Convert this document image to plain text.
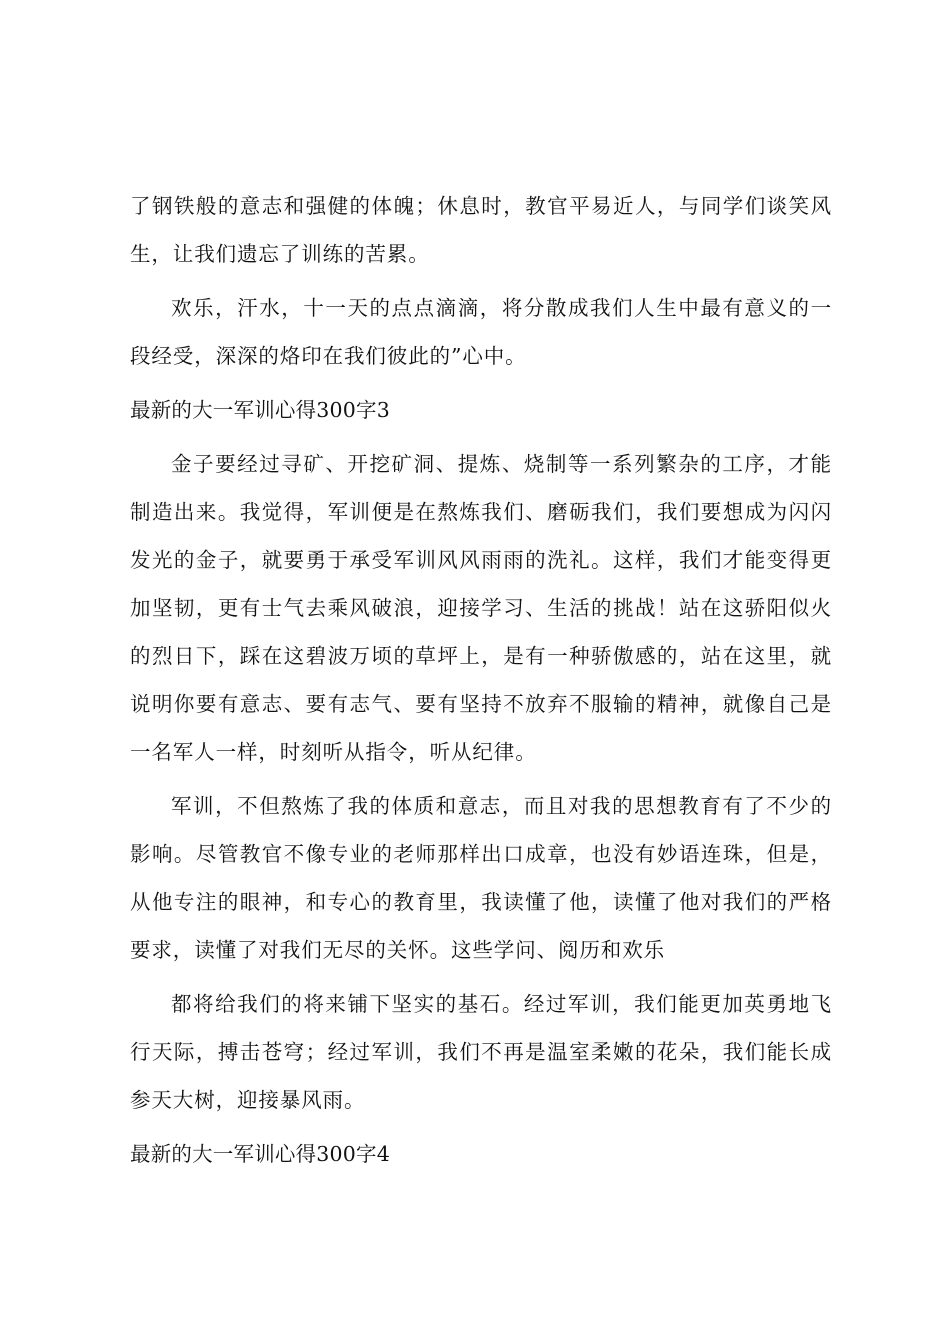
了钢铁般的意志和强健的体魄；休息时，教官平易近人，与同学们谈笑风生，让我们遗忘了训练的苦累。

欢乐，汗水，十一天的点点滴滴，将分散成我们人生中最有意义的一段经受，深深的烙印在我们彼此的”心中。

最新的大一军训心得300字3

金子要经过寻矿、开挖矿洞、提炼、烧制等一系列繁杂的工序，才能制造出来。我觉得，军训便是在熬炼我们、磨砺我们，我们要想成为闪闪发光的金子，就要勇于承受军训风风雨雨的洗礼。这样，我们才能变得更加坚韧，更有士气去乘风破浪，迎接学习、生活的挑战！站在这骄阳似火的烈日下，踩在这碧波万顷的草坪上，是有一种骄傲感的，站在这里，就说明你要有意志、要有志气、要有坚持不放弃不服输的精神，就像自己是一名军人一样，时刻听从指令，听从纪律。

军训，不但熬炼了我的体质和意志，而且对我的思想教育有了不少的影响。尽管教官不像专业的老师那样出口成章，也没有妙语连珠，但是，从他专注的眼神，和专心的教育里，我读懂了他，读懂了他对我们的严格要求，读懂了对我们无尽的关怀。这些学问、阅历和欢乐

都将给我们的将来铺下坚实的基石。经过军训，我们能更加英勇地飞行天际，搏击苍穹；经过军训，我们不再是温室柔嫩的花朵，我们能长成参天大树，迎接暴风雨。

最新的大一军训心得300字4
